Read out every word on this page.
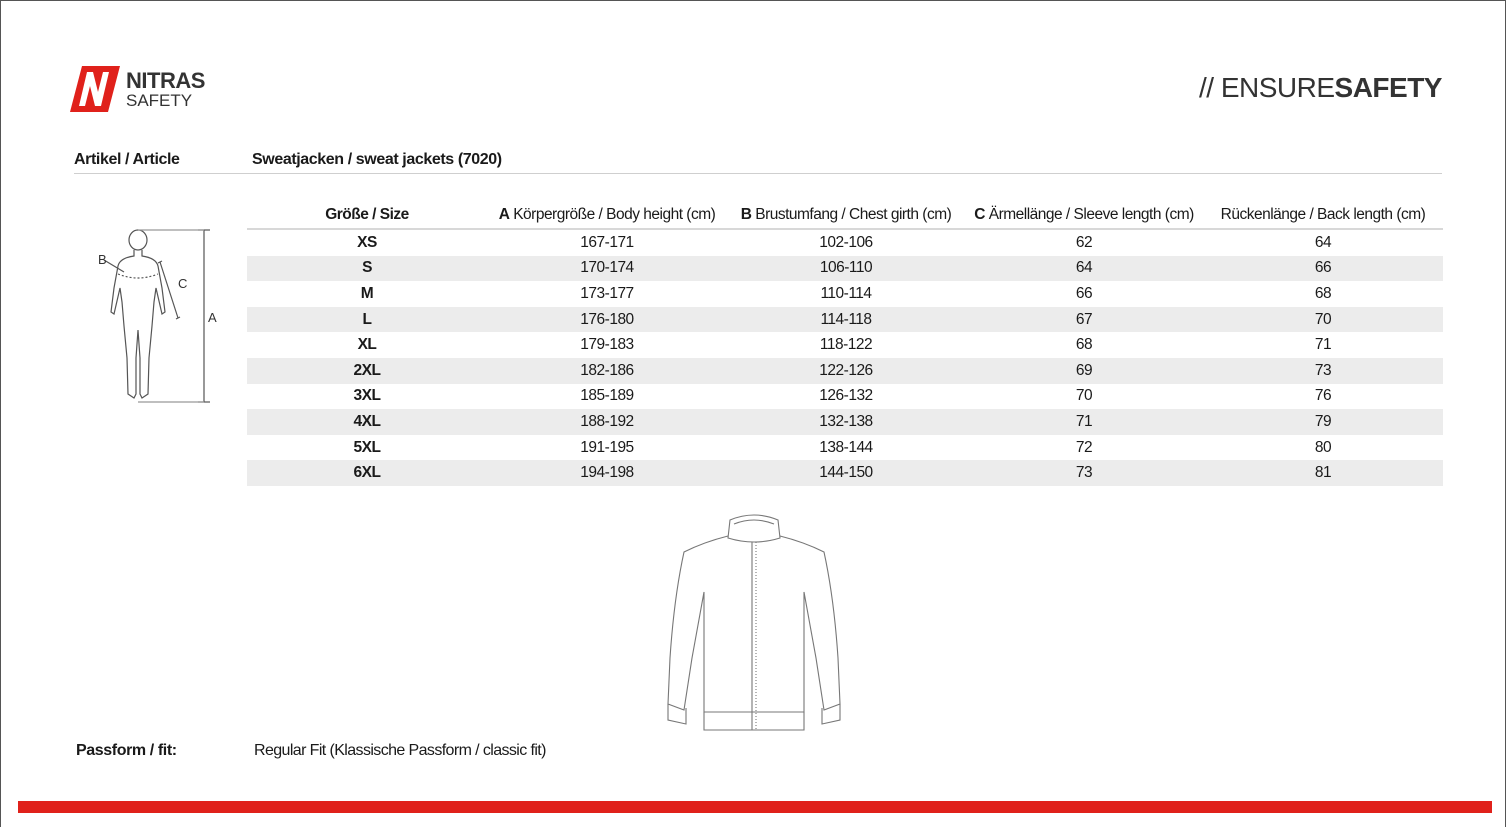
NITRAS
SAFETY	// ENSURESAFETY
Artikel / Article	Sweatjacken / sweat jackets (7020)
B
C
A
Größe / Size	A Körpergröße / Body height (cm)	B Brustumfang / Chest girth (cm)	C Ärmellänge / Sleeve length (cm)	Rückenlänge / Back length (cm)
XS	167-171	102-106	62	64
S	170-174	106-110	64	66
M	173-177	110-114	66	68
L	176-180	114-118	67	70
XL	179-183	118-122	68	71
2XL	182-186	122-126	69	73
3XL	185-189	126-132	70	76
4XL	188-192	132-138	71	79
5XL	191-195	138-144	72	80
6XL	194-198	144-150	73	81
Passform / fit:	Regular Fit (Klassische Passform / classic fit)
